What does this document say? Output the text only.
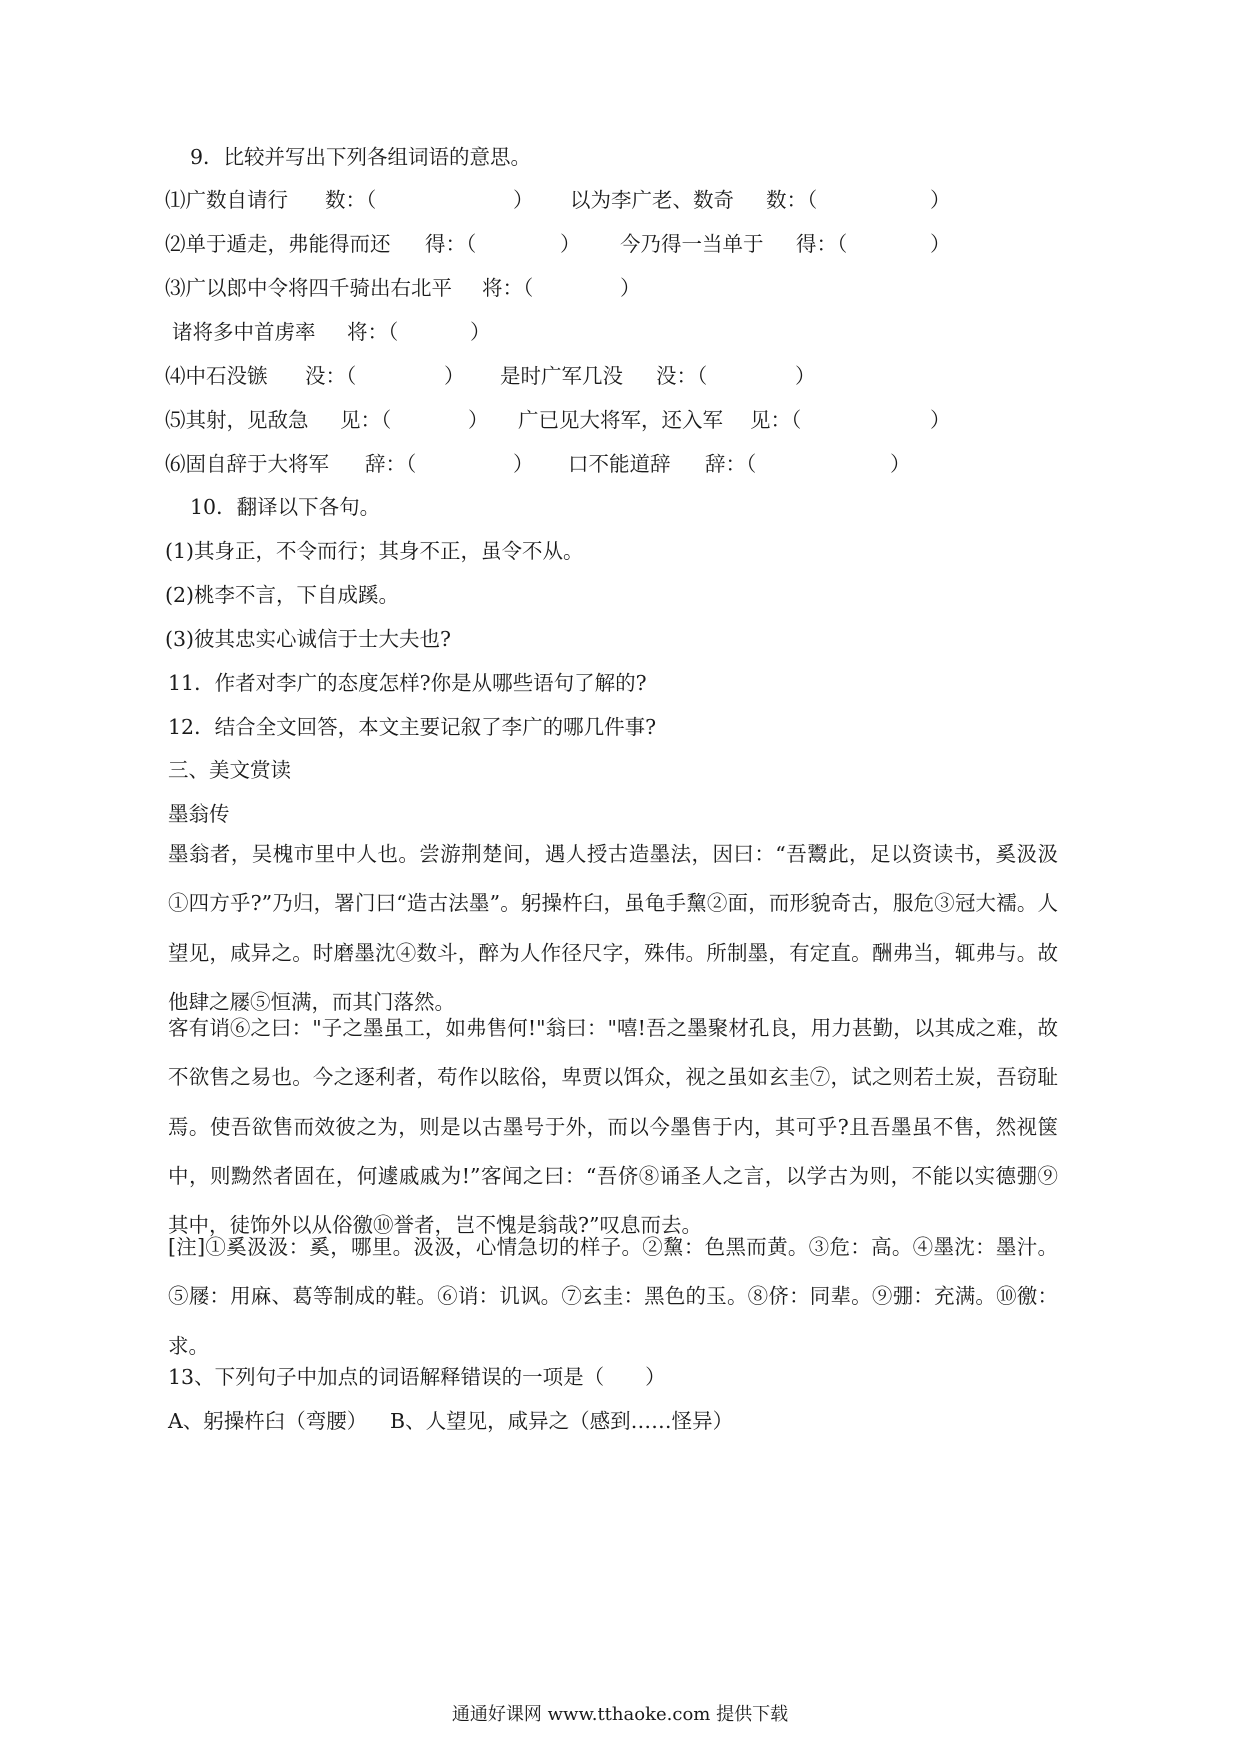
9．比较并写出下列各组词语的意思。
⑴广数自请行 数：（	） 以为李广老、数奇 数：（	）
⑵单于遁走，弗能得而还 得：（	） 今乃得一当单于 得：（	）
⑶广以郎中令将四千骑出右北平 将：（	）
诸将多中首虏率 将：（	）
⑷中石没镞 没：（	） 是时广军几没 没：（	）
⑸其射，见敌急 见：（	） 广已见大将军，还入军 见：（	）
⑹固自辞于大将军 辞：（	） 口不能道辞 辞：（	）
10．翻译以下各句。
(1)其身正，不令而行；其身不正，虽令不从。
(2)桃李不言，下自成蹊。
(3)彼其忠实心诚信于士大夫也?
11．作者对李广的态度怎样?你是从哪些语句了解的?
12．结合全文回答，本文主要记叙了李广的哪几件事?
三、美文赏读
墨翁传
墨翁者，吴槐市里中人也。尝游荆楚间，遇人授古造墨法，因曰：“吾鬻此，足以资读书，奚汲汲①四方乎?”乃归，署门曰“造古法墨”。躬操杵臼，虽龟手黧②面，而形貌奇古，服危③冠大襦。人望见，咸异之。时磨墨沈④数斗，醉为人作径尺字，殊伟。所制墨，有定直。酬弗当，辄弗与。故他肆之屦⑤恒满，而其门落然。
客有诮⑥之曰："子之墨虽工，如弗售何!"翁曰："嘻!吾之墨聚材孔良，用力甚勤，以其成之难，故不欲售之易也。今之逐利者，苟作以眩俗，卑贾以饵众，视之虽如玄圭⑦，试之则若土炭，吾窃耻焉。使吾欲售而效彼之为，则是以古墨号于外，而以今墨售于内，其可乎?且吾墨虽不售，然视箧中，则黝然者固在，何遽戚戚为!”客闻之曰：“吾侪⑧诵圣人之言，以学古为则，不能以实德弸⑨其中，徒饰外以从俗徼⑩誉者，岂不愧是翁哉?”叹息而去。
[注]①奚汲汲：奚，哪里。汲汲，心情急切的样子。②黧：色黑而黄。③危：高。④墨沈：墨汁。⑤屦：用麻、葛等制成的鞋。⑥诮：讥讽。⑦玄圭：黑色的玉。⑧侪：同辈。⑨弸：充满。⑩徼：求。
13、下列句子中加点的词语解释错误的一项是（　　）
A、躬操杵臼（弯腰） B、人望见，咸异之（感到……怪异）
通通好课网 www.tthaoke.com 提供下载
